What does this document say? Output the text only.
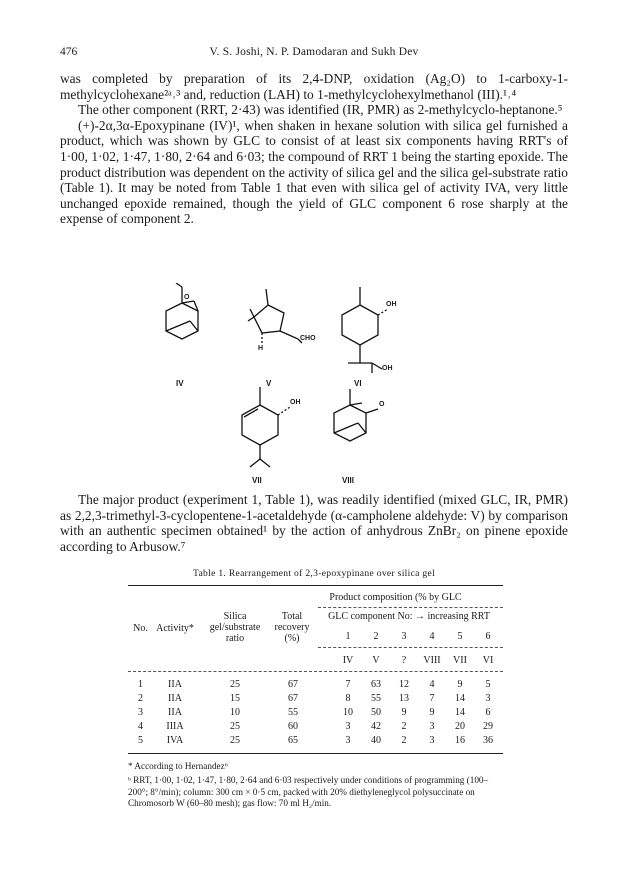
476	V. S. Joshi, N. P. Damodaran and Sukh Dev

was completed by preparation of its 2,4-DNP, oxidation (Ag₂O) to 1-carboxy-1-methylcyclohexane²ᵃ˒³ and, reduction (LAH) to 1-methylcyclohexylmethanol (III).¹˒⁴

The other component (RRT, 2·43) was identified (IR, PMR) as 2-methylcyclo-heptanone.⁵

(+)-2α,3α-Epoxypinane (IV)¹, when shaken in hexane solution with silica gel furnished a product, which was shown by GLC to consist of at least six components having RRT's of 1·00, 1·02, 1·47, 1·80, 2·64 and 6·03; the compound of RRT 1 being the starting epoxide. The product distribution was dependent on the activity of silica gel and the silica gel-substrate ratio (Table 1). It may be noted from Table 1 that even with silica gel of activity IVA, very little unchanged epoxide remained, though the yield of GLC component 6 rose sharply at the expense of component 2.

O
CHO
H
OH
OH
OH	O
IV	V	VI
VII	VIII

The major product (experiment 1, Table 1), was readily identified (mixed GLC, IR, PMR) as 2,2,3-trimethyl-3-cyclopentene-1-acetaldehyde (α-campholene aldehyde: V) by comparison with an authentic specimen obtained¹ by the action of anhydrous ZnBr₂ on pinene epoxide according to Arbusow.⁷

Table 1. Rearrangement of 2,3-epoxypinane over silica gel
Product composition (% by GLC
No. Activity*
Silica gel/substrate ratio
Total recovery (%)
GLC component No: → increasing RRT
1	2	3	4	5	6
IV	V	?	VIII	VII	VI
1	IIA	25	67	7	63	12	4	9	5
2	IIA	15	67	8	55	13	7	14	3
3	IIA	10	55	10	50	9	9	14	6
4	IIIA	25	60	3	42	2	3	20	29
5	IVA	25	65	3	40	2	3	16	36
* According to Hernandez⁶
ᵇ RRT, 1·00, 1·02, 1·47, 1·80, 2·64 and 6·03 respectively under conditions of programming (100–200°; 8°/min); column: 300 cm × 0·5 cm, packed with 20% diethyleneglycol polysuccinate on Chromosorb W (60–80 mesh); gas flow: 70 ml H₂/min.
